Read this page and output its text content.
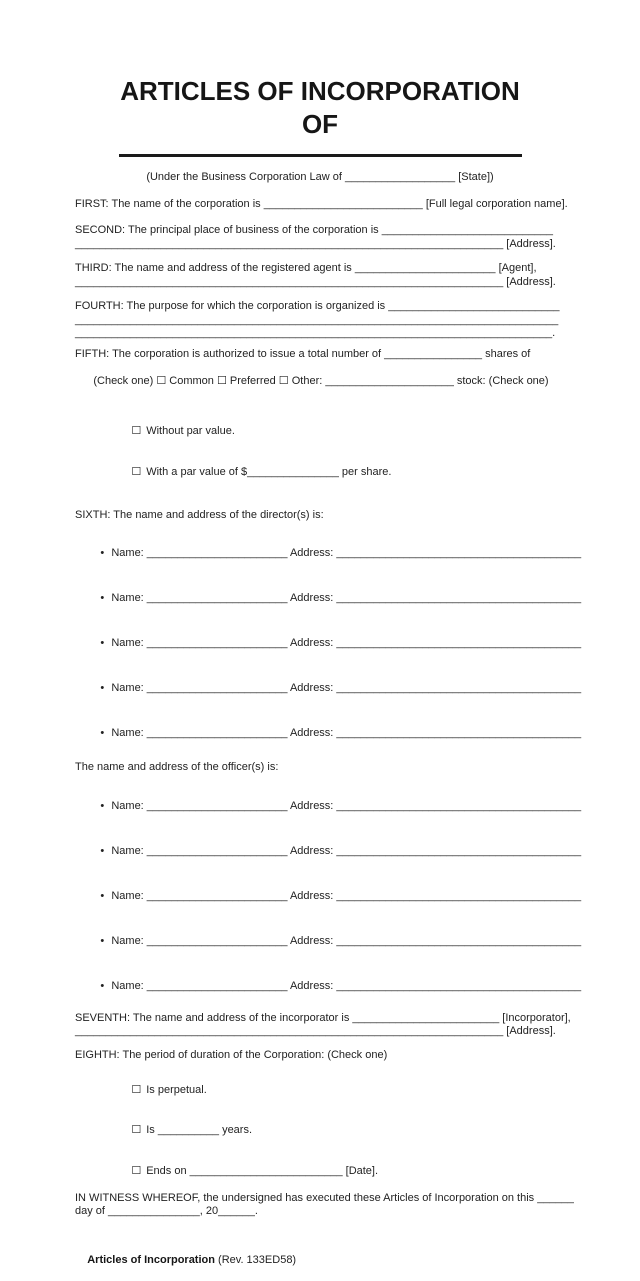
ARTICLES OF INCORPORATION
OF
(Under the Business Corporation Law of __________________ [State])
FIRST: The name of the corporation is __________________________ [Full legal corporation name].
SECOND: The principal place of business of the corporation is ____________________________
______________________________________________________________________ [Address].
THIRD: The name and address of the registered agent is _______________________ [Agent],
______________________________________________________________________ [Address].
FOURTH: The purpose for which the corporation is organized is ____________________________
_______________________________________________________________________________
______________________________________________________________________________.
FIFTH: The corporation is authorized to issue a total number of ________________ shares of

(Check one) ☐ Common ☐ Preferred ☐ Other: _____________________ stock: (Check one)

☐ Without par value.

☐ With a par value of $_______________ per share.

SIXTH: The name and address of the director(s) is:

• Name: _______________________ Address: ________________________________________

• Name: _______________________ Address: ________________________________________

• Name: _______________________ Address: ________________________________________

• Name: _______________________ Address: ________________________________________

• Name: _______________________ Address: ________________________________________

The name and address of the officer(s) is:

• Name: _______________________ Address: ________________________________________

• Name: _______________________ Address: ________________________________________

• Name: _______________________ Address: ________________________________________

• Name: _______________________ Address: ________________________________________

• Name: _______________________ Address: ________________________________________

SEVENTH: The name and address of the incorporator is ________________________ [Incorporator],
______________________________________________________________________ [Address].
EIGHTH: The period of duration of the Corporation: (Check one)

☐ Is perpetual.

☐ Is __________ years.

☐ Ends on _________________________ [Date].

IN WITNESS WHEREOF, the undersigned has executed these Articles of Incorporation on this ______
day of _______________, 20______.

Articles of Incorporation (Rev. 133ED58)
